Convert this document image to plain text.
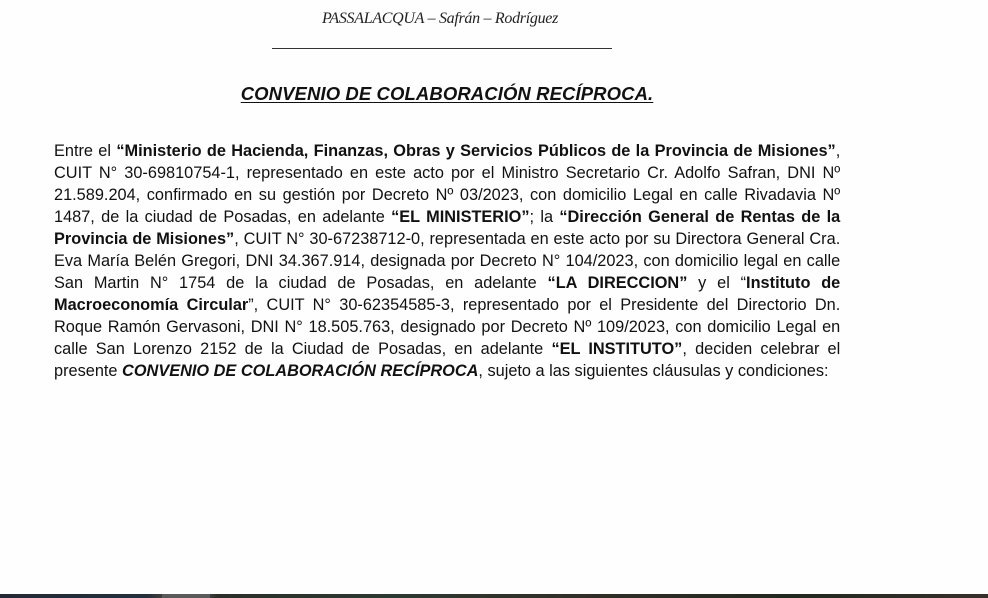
PASSALACQUA – Safrán – Rodríguez
CONVENIO DE COLABORACIÓN RECÍPROCA.

Entre el “Ministerio de Hacienda, Finanzas, Obras y Servicios Públicos de la Provincia de Misiones”, CUIT N° 30-69810754-1, representado en este acto por el Ministro Secretario Cr. Adolfo Safran, DNI Nº 21.589.204, confirmado en su gestión por Decreto Nº 03/2023, con domicilio Legal en calle Rivadavia Nº 1487, de la ciudad de Posadas, en adelante “EL MINISTERIO”; la “Dirección General de Rentas de la Provincia de Misiones”, CUIT N° 30-67238712-0, representada en este acto por su Directora General Cra. Eva María Belén Gregori, DNI 34.367.914, designada por Decreto N° 104/2023, con domicilio legal en calle San Martin N° 1754 de la ciudad de Posadas, en adelante “LA DIRECCION” y el “Instituto de Macroeconomía Circular”, CUIT N° 30-62354585-3, representado por el Presidente del Directorio Dn. Roque Ramón Gervasoni, DNI N° 18.505.763, designado por Decreto Nº 109/2023, con domicilio Legal en calle San Lorenzo 2152 de la Ciudad de Posadas, en adelante “EL INSTITUTO”, deciden celebrar el presente CONVENIO DE COLABORACIÓN RECÍPROCA, sujeto a las siguientes cláusulas y condiciones:
